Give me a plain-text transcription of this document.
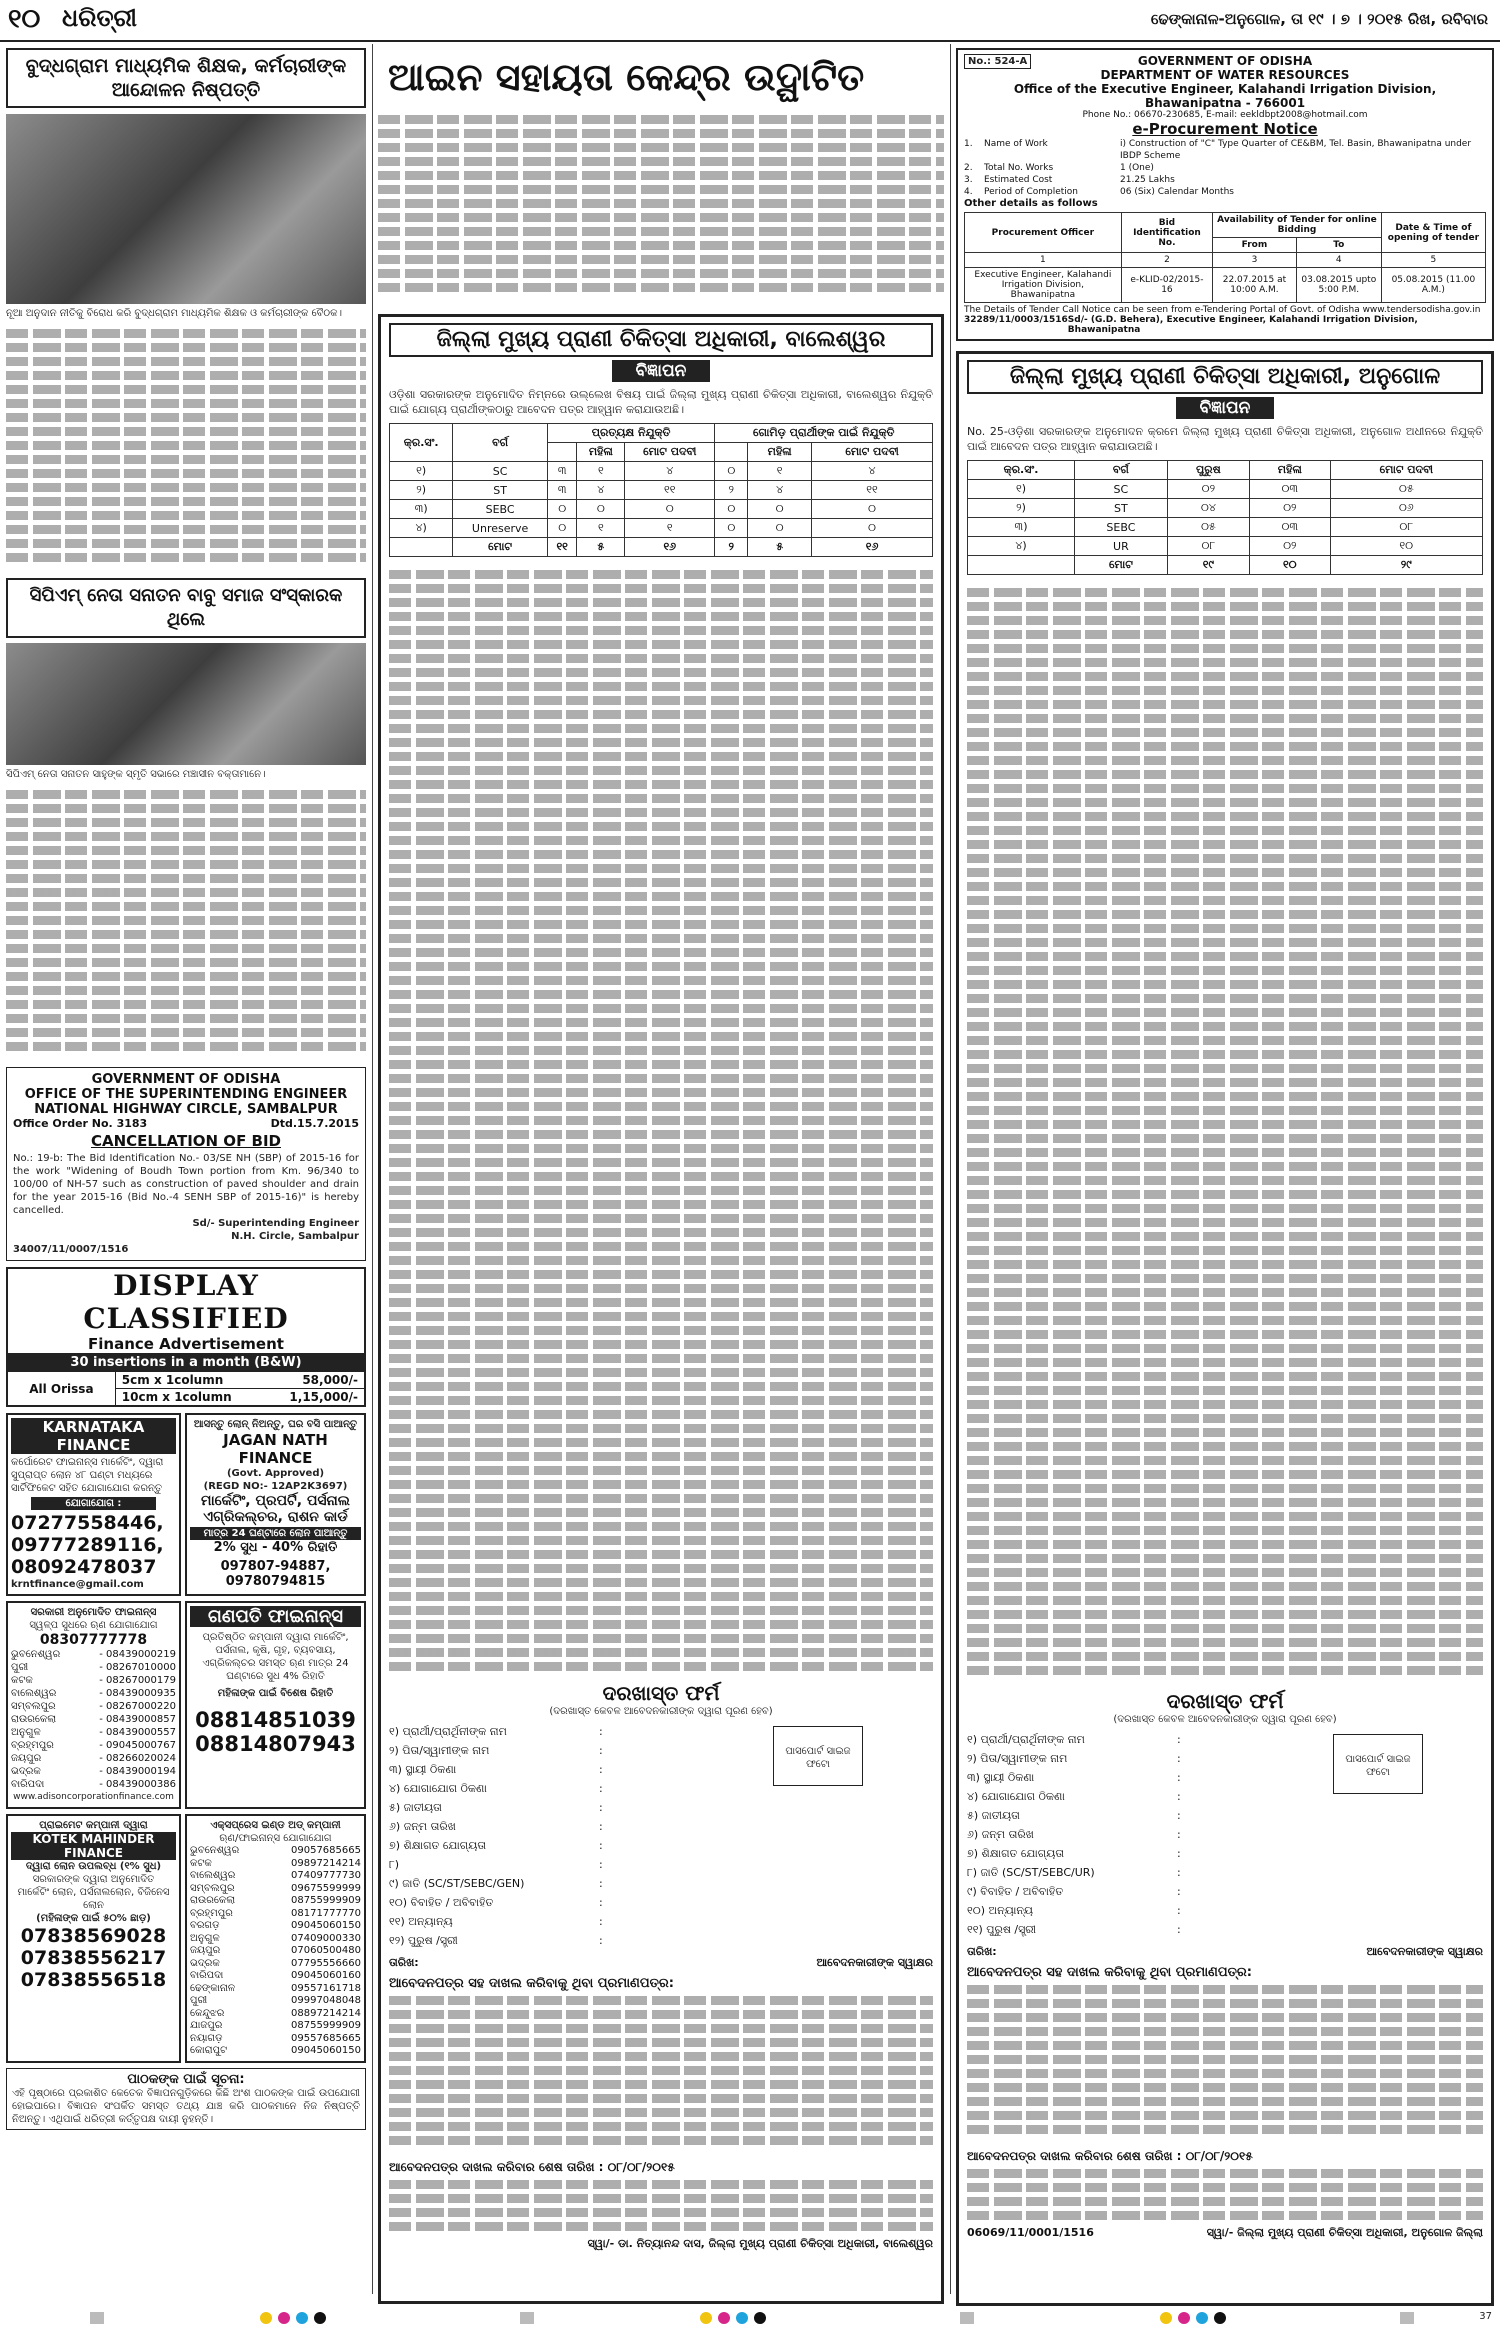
୧୦ ଧରିତ୍ରୀ	ଢେଙ୍କାନାଳ-ଅନୁଗୋଳ, ତା ୧୯ । ୭ । ୨୦୧୫ ରିଖ, ରବିବାର
ବୁଦ୍ଧଗ୍ରାମ ମାଧ୍ୟମିକ ଶିକ୍ଷକ, କର୍ମଚାରୀଙ୍କ ଆନ୍ଦୋଳନ ନିଷ୍ପତ୍ତି
ନୂଆ ଅନୁଦାନ ନୀତିକୁ ବିରୋଧ କରି ବୁଦ୍ଧଗ୍ରାମ ମାଧ୍ୟମିକ ଶିକ୍ଷକ ଓ କର୍ମଚାରୀଙ୍କ ବୈଠକ।
ସିପିଏମ୍ ନେତା ସନାତନ ବାବୁ ସମାଜ ସଂସ୍କାରକ ଥିଲେ
ସିପିଏମ୍ ନେତା ସନାତନ ସାହୁଙ୍କ ସ୍ମୃତି ସଭାରେ ମଞ୍ଚାସୀନ ବକ୍ତାମାନେ।
GOVERNMENT OF ODISHA
OFFICE OF THE SUPERINTENDING ENGINEER
NATIONAL HIGHWAY CIRCLE, SAMBALPUR
Office Order No. 3183	Dtd.15.7.2015
CANCELLATION OF BID
No.: 19-b: The Bid Identification No.- 03/SE NH (SBP) of 2015-16 for the work "Widening of Boudh Town portion from Km. 96/340 to 100/00 of NH-57 such as construction of paved shoulder and drain for the year 2015-16 (Bid No.-4 SENH SBP of 2015-16)" is hereby cancelled.
Sd/- Superintending Engineer
N.H. Circle, Sambalpur
34007/11/0007/1516
DISPLAY CLASSIFIED
Finance Advertisement
30 insertions in a month (B&W)
All Orissa
5cm x 1column	58,000/-
10cm x 1column	1,15,000/-
KARNATAKA FINANCE
କର୍ପୋରେଟ ଫାଇନାନ୍ସ ମାର୍କେଟିଂ, ଦ୍ୱାରା ସୁପ୍ରାପ୍ତ ଲୋନ ୪୮ ଘଣ୍ଟା ମଧ୍ୟରେ ସାର୍ଟିଫିକେଟ ସହିତ ଯୋଗାଯୋଗ କରନ୍ତୁ
ଯୋଗାଯୋଗ :
07277558446,
09777289116,
08092478037
krntfinance@gmail.com
ଆସନ୍ତୁ ଲୋନ୍ ନିଅନ୍ତୁ, ଘର ବସି ପାଆନ୍ତୁ
JAGAN NATH FINANCE
(Govt. Approved)
(REGD NO:- 12AP2K3697)
ମାର୍କେଟିଂ, ପ୍ରପର୍ଟି, ପର୍ସନାଲ
ଏଗ୍ରିକଲ୍ଚର, ରାଶନ କାର୍ଡ
ମାତ୍ର 24 ଘଣ୍ଟାରେ ଲୋନ ପାଆନ୍ତୁ
2% ସୁଧ - 40% ରିହାତି
097807-94887, 09780794815
ସରକାରୀ ଅନୁମୋଦିତ ଫାଇନାନ୍ସ
ସ୍ୱଳ୍ପ ସୁଧରେ ଋଣ ଯୋଗାଯୋଗ
08307777778
ଭୁବନେଶ୍ୱର	- 08439000219
ପୁରୀ	- 08267010000
କଟକ	- 08267000179
ବାଲେଶ୍ୱର	- 08439000935
ସମ୍ବଲପୁର	- 08267000220
ରାଉରକେଲା	- 08439000857
ଅନୁଗୁଳ	- 08439000557
ବ୍ରହ୍ମପୁର	- 09045000767
ଜୟପୁର	- 08266020024
ଭଦ୍ରକ	- 08439000194
ବାରିପଦା	- 08439000386
www.adisoncorporationfinance.com
ଗଣପତି ଫାଇନାନ୍ସ
ପ୍ରତିଷ୍ଠିତ କମ୍ପାନୀ ଦ୍ୱାରା ମାର୍କେଟିଂ, ପର୍ସନାଲ, କୃଷି, ଗୃହ, ବ୍ୟବସାୟ, ଏଗ୍ରିକଲ୍ଚର ସମସ୍ତ ଋଣ ମାତ୍ର 24 ଘଣ୍ଟାରେ ସୁଧ 4% ରିହାତି
ମହିଳାଙ୍କ ପାଇଁ ବିଶେଷ ରିହାତି
08814851039
08814807943
ପ୍ରାଇମେଟ କମ୍ପାନୀ ଦ୍ୱାରା
KOTEK MAHINDER FINANCE
ଦ୍ୱାରା ଲୋନ ଉପଲବ୍ଧ (୧% ସୁଧ)
ସରକାରଙ୍କ ଦ୍ୱାରା ଅନୁମୋଦିତ
ମାର୍କେଟିଂ ଲୋନ, ପର୍ସନାଲଲୋନ, ବିଜିନେସ ଲୋନ
(ମହିଳାଙ୍କ ପାଇଁ ୫୦% ଛାଡ଼)
07838569028
07838556217
07838556518
ଏକ୍ସପ୍ରେସ ଇଣ୍ଡ ଅଡ୍ କମ୍ପାନୀ
ଋଣ/ଫାଇନାନ୍ସ ଯୋଗାଯୋଗ
ଭୁବନେଶ୍ୱର	09057685665
କଟକ	09897214214
ବାଲେଶ୍ୱର	07409777730
ସମ୍ବଲପୁର	09675599999
ରାଉରକେଲା	08755999909
ବ୍ରହ୍ମପୁର	08171777770
ବରଗଡ଼	09045060150
ଅନୁଗୁଳ	07409000330
ଜୟପୁର	07060500480
ଭଦ୍ରକ	07795556660
ବାରିପଦା	09045060160
ଢେଙ୍କାନାଳ	09557161718
ପୁରୀ	09997048048
କେନ୍ଦୁଝର	08897214214
ଯାଜପୁର	08755999909
ନୟାଗଡ଼	09557685665
କୋରାପୁଟ	09045060150
ପାଠକଙ୍କ ପାଇଁ ସୂଚନା:
ଏହି ପୃଷ୍ଠାରେ ପ୍ରକାଶିତ କେତେକ ବିଜ୍ଞାପନଗୁଡ଼ିକରେ କିଛି ଅଂଶ ପାଠକଙ୍କ ପାଇଁ ଉପଯୋଗୀ ହୋଇପାରେ। ବିଜ୍ଞାପନ ସଂପର୍କିତ ସମସ୍ତ ତଥ୍ୟ ଯାଞ୍ଚ କରି ପାଠକମାନେ ନିଜ ନିଷ୍ପତ୍ତି ନିଅନ୍ତୁ। ଏଥିପାଇଁ ଧରିତ୍ରୀ କର୍ତ୍ତୃପକ୍ଷ ଦାୟୀ ନୁହନ୍ତି।
ଆଇନ ସହାୟତା କେନ୍ଦ୍ର ଉଦ୍ଘାଟିତ
ଜିଲ୍ଲା ମୁଖ୍ୟ ପ୍ରାଣୀ ଚିକିତ୍ସା ଅଧିକାରୀ, ବାଲେଶ୍ୱର
ବିଜ୍ଞାପନ
ଓଡ଼ିଶା ସରକାରଙ୍କ ଅନୁମୋଦିତ ନିମ୍ନରେ ଉଲ୍ଲେଖ ବିଷୟ ପାଇଁ ଜିଲ୍ଲା ମୁଖ୍ୟ ପ୍ରାଣୀ ଚିକିତ୍ସା ଅଧିକାରୀ, ବାଲେଶ୍ୱର ନିଯୁକ୍ତି ପାଇଁ ଯୋଗ୍ୟ ପ୍ରାର୍ଥୀଙ୍କଠାରୁ ଆବେଦନ ପତ୍ର ଆହ୍ୱାନ କରାଯାଉଅଛି।
କ୍ର.ସଂ.	ବର୍ଗ	ପ୍ରତ୍ୟକ୍ଷ ନିଯୁକ୍ତି			ଗୋମିଡ଼ ପ୍ରାର୍ଥୀଙ୍କ ପାଇଁ ନିଯୁକ୍ତି		
			ମହିଳା	ମୋଟ ପଦବୀ		ମହିଳା	ମୋଟ ପଦବୀ
୧)	SC	୩	୧	୪	୦	୧	୪
୨)	ST	୩	୪	୧୧	୨	୪	୧୧
୩)	SEBC	୦	୦	୦	୦	୦	୦
୪)	Unreserve	୦	୧	୧	୦	୦	୦
	ମୋଟ	୧୧	୫	୧୬	୨	୫	୧୬
ଦରଖାସ୍ତ ଫର୍ମ
(ଦରଖାସ୍ତ କେବଳ ଆବେଦନକାରୀଙ୍କ ଦ୍ୱାରା ପୂରଣ ହେବ)
ପାସପୋର୍ଟ ସାଇଜ ଫଟୋ
୧) ପ୍ରାର୍ଥୀ/ପ୍ରାର୍ଥିନୀଙ୍କ ନାମ	:
୨) ପିତା/ସ୍ୱାମୀଙ୍କ ନାମ	:
୩) ସ୍ଥାୟୀ ଠିକଣା	:
୪) ଯୋଗାଯୋଗ ଠିକଣା	:
୫) ଜାତୀୟତା	:
୬) ଜନ୍ମ ତାରିଖ	:
୭) ଶିକ୍ଷାଗତ ଯୋଗ୍ୟତା	:
୮)	:
୯) ଜାତି (SC/ST/SEBC/GEN)	:
୧୦) ବିବାହିତ / ଅବିବାହିତ	:
୧୧) ଅନ୍ୟାନ୍ୟ	:
୧୨) ପୁରୁଷ /ସ୍ତ୍ରୀ	:
ତାରିଖ:	ଆବେଦନକାରୀଙ୍କ ସ୍ୱାକ୍ଷର
ଆବେଦନପତ୍ର ସହ ଦାଖଲ କରିବାକୁ ଥିବା ପ୍ରମାଣପତ୍ର:
ଆବେଦନପତ୍ର ଦାଖଲ କରିବାର ଶେଷ ତାରିଖ : ୦୮/୦୮/୨୦୧୫
ସ୍ୱା/- ଡା. ନିତ୍ୟାନନ୍ଦ ଦାସ, ଜିଲ୍ଲା ମୁଖ୍ୟ ପ୍ରାଣୀ ଚିକିତ୍ସା ଅଧିକାରୀ, ବାଲେଶ୍ୱର
No.: 524-A	GOVERNMENT OF ODISHA
DEPARTMENT OF WATER RESOURCES
Office of the Executive Engineer, Kalahandi Irrigation Division, Bhawanipatna - 766001
Phone No.: 06670-230685, E-mail: eekldbpt2008@hotmail.com
e-Procurement Notice
1.	Name of Work	i) Construction of "C" Type Quarter of CE&BM, Tel. Basin, Bhawanipatna under IBDP Scheme
2.	Total No. Works	1 (One)
3.	Estimated Cost	21.25 Lakhs
4.	Period of Completion	06 (Six) Calendar Months
Other details as follows
Procurement Officer	Bid Identification No.	Availability of Tender for online Bidding		Date & Time of opening of tender
		From	To	
1	2	3	4	5
Executive Engineer, Kalahandi Irrigation Division, Bhawanipatna	e-KLID-02/2015-16	22.07.2015 at 10:00 A.M.	03.08.2015 upto 5:00 P.M.	05.08.2015 (11.00 A.M.)
The Details of Tender Call Notice can be seen from e-Tendering Portal of Govt. of Odisha www.tendersodisha.gov.in
32289/11/0003/1516 Sd/- (G.D. Behera), Executive Engineer, Kalahandi Irrigation Division, Bhawanipatna
ଜିଲ୍ଲା ମୁଖ୍ୟ ପ୍ରାଣୀ ଚିକିତ୍ସା ଅଧିକାରୀ, ଅନୁଗୋଳ
ବିଜ୍ଞାପନ
No. 25-ଓଡ଼ିଶା ସରକାରଙ୍କ ଅନୁମୋଦନ କ୍ରମେ ଜିଲ୍ଲା ମୁଖ୍ୟ ପ୍ରାଣୀ ଚିକିତ୍ସା ଅଧିକାରୀ, ଅନୁଗୋଳ ଅଧୀନରେ ନିଯୁକ୍ତି ପାଇଁ ଆବେଦନ ପତ୍ର ଆହ୍ୱାନ କରାଯାଉଅଛି।
କ୍ର.ସଂ.	ବର୍ଗ	ପୁରୁଷ	ମହିଳା	ମୋଟ ପଦବୀ
୧)	SC	୦୨	୦୩	୦୫
୨)	ST	୦୪	୦୨	୦୬
୩)	SEBC	୦୫	୦୩	୦୮
୪)	UR	୦୮	୦୨	୧୦
	ମୋଟ	୧୯	୧୦	୨୯
ଦରଖାସ୍ତ ଫର୍ମ
(ଦରଖାସ୍ତ କେବଳ ଆବେଦନକାରୀଙ୍କ ଦ୍ୱାରା ପୂରଣ ହେବ)
ପାସପୋର୍ଟ ସାଇଜ ଫଟୋ
୧) ପ୍ରାର୍ଥୀ/ପ୍ରାର୍ଥିନୀଙ୍କ ନାମ	:
୨) ପିତା/ସ୍ୱାମୀଙ୍କ ନାମ	:
୩) ସ୍ଥାୟୀ ଠିକଣା	:
୪) ଯୋଗାଯୋଗ ଠିକଣା	:
୫) ଜାତୀୟତା	:
୬) ଜନ୍ମ ତାରିଖ	:
୭) ଶିକ୍ଷାଗତ ଯୋଗ୍ୟତା	:
୮) ଜାତି (SC/ST/SEBC/UR)	:
୯) ବିବାହିତ / ଅବିବାହିତ	:
୧୦) ଅନ୍ୟାନ୍ୟ	:
୧୧) ପୁରୁଷ /ସ୍ତ୍ରୀ	:
ତାରିଖ:	ଆବେଦନକାରୀଙ୍କ ସ୍ୱାକ୍ଷର
ଆବେଦନପତ୍ର ସହ ଦାଖଲ କରିବାକୁ ଥିବା ପ୍ରମାଣପତ୍ର:
ଆବେଦନପତ୍ର ଦାଖଲ କରିବାର ଶେଷ ତାରିଖ : ୦୮/୦୮/୨୦୧୫
06069/11/0001/1516	ସ୍ୱା/- ଜିଲ୍ଲା ମୁଖ୍ୟ ପ୍ରାଣୀ ଚିକିତ୍ସା ଅଧିକାରୀ, ଅନୁଗୋଳ ଜିଲ୍ଲା
37
